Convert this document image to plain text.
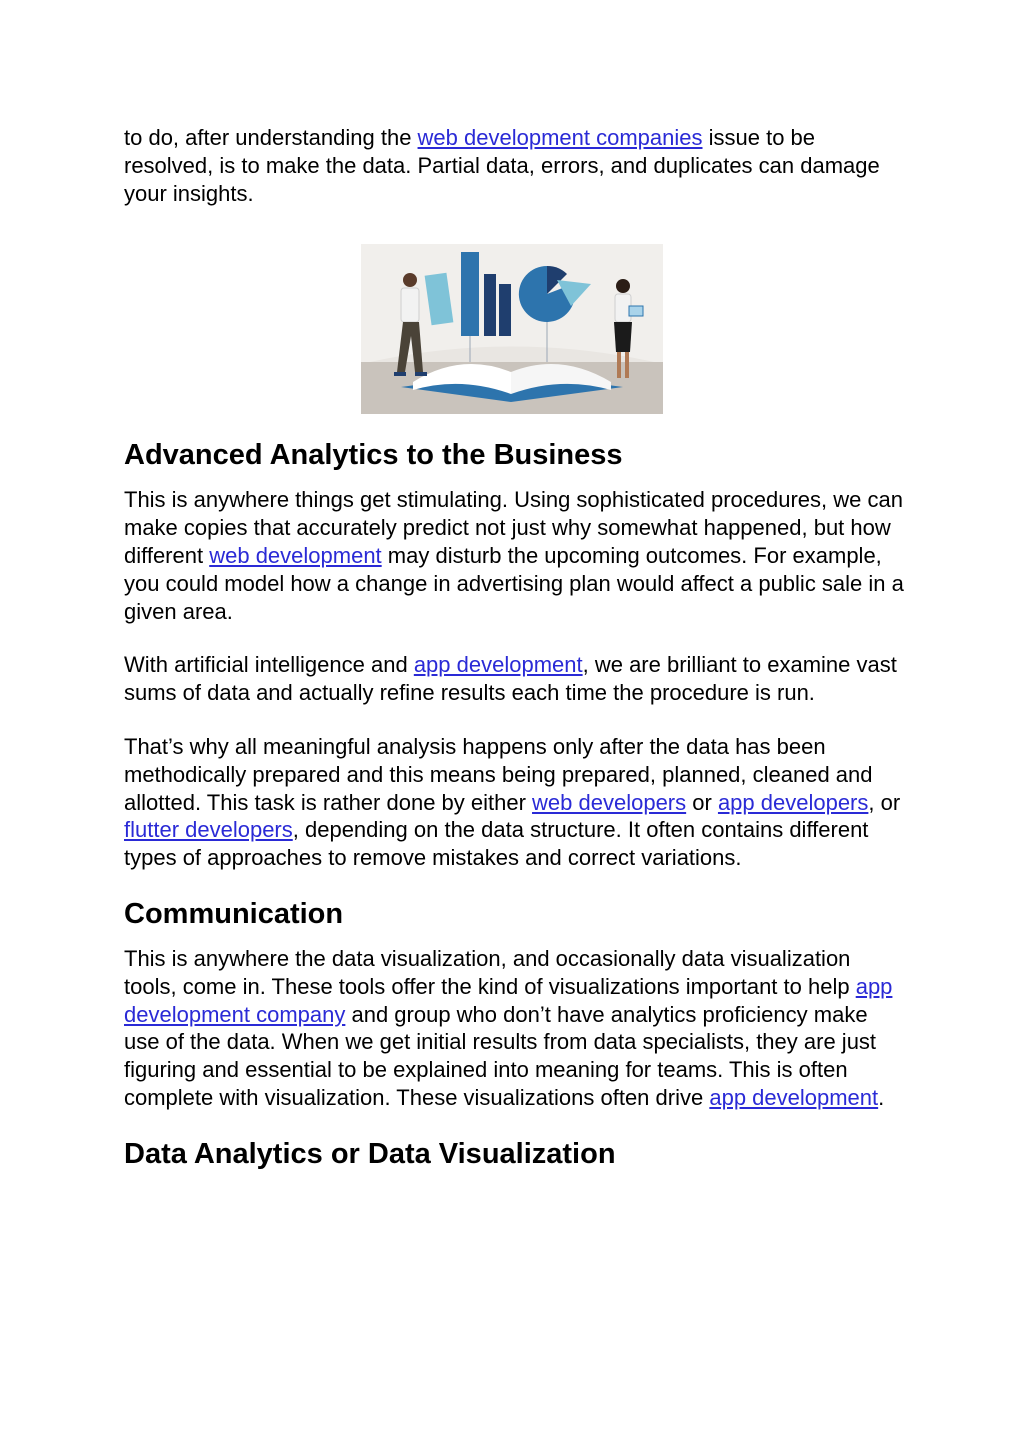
to do, after understanding the web development companies issue to be resolved, is to make the data. Partial data, errors, and duplicates can damage your insights.

Advanced Analytics to the Business

This is anywhere things get stimulating. Using sophisticated procedures, we can make copies that accurately predict not just why somewhat happened, but how different web development may disturb the upcoming outcomes. For example, you could model how a change in advertising plan would affect a public sale in a given area.

With artificial intelligence and app development, we are brilliant to examine vast sums of data and actually refine results each time the procedure is run.

That’s why all meaningful analysis happens only after the data has been methodically prepared and this means being prepared, planned, cleaned and allotted. This task is rather done by either web developers or app developers, or flutter developers, depending on the data structure. It often contains different types of approaches to remove mistakes and correct variations.

Communication

This is anywhere the data visualization, and occasionally data visualization tools, come in. These tools offer the kind of visualizations important to help app development company and group who don’t have analytics proficiency make use of the data. When we get initial results from data specialists, they are just figuring and essential to be explained into meaning for teams. This is often complete with visualization. These visualizations often drive app development.

Data Analytics or Data Visualization
